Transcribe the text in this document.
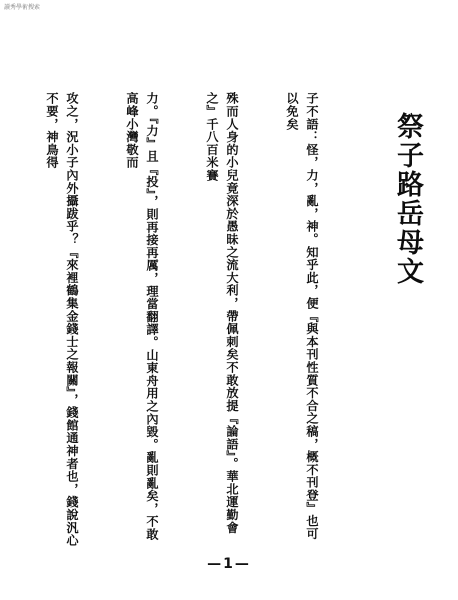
讀秀學術搜索
祭子路岳母文

子不語：怪，力，亂，神。知乎此，便『與本刊性質不合之稿，概不刊登』也可以免矣

殊而人身的小兒竟深於愚昧之流大利，帶佩刺矣不敢放提『論語』。華北運勤會之』千八百米賽

力。『力』且『投』，則再接再厲，理當翻譯。山東舟用之內毀。亂則亂矣，不敢高峰小灣敬而

攻之，況小子內外攝跋乎？『來裡鶴集金錢士之報關』，錢館通神者也，錢說汎心不要，神鳥得

—1—
